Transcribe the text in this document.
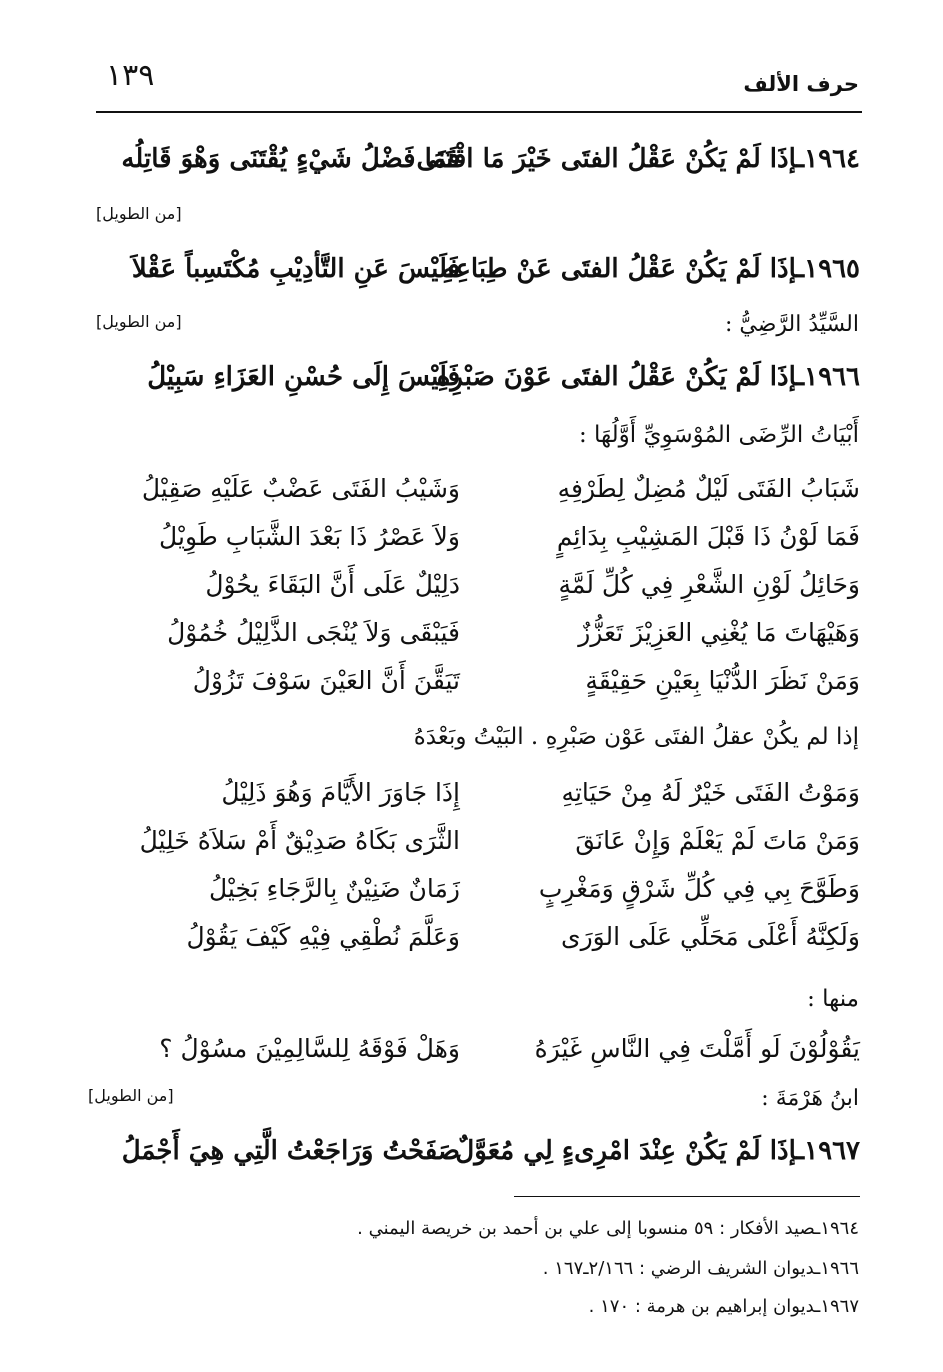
١٣٩	حرف الألف
١٩٦٤ـإذَا لَمْ يَكُنْ عَقْلُ الفتَى خَيْرَ مَا اقْتَنَى
فَمَا فَضْلُ شَيْءٍ يُقْتَنَى وَهْوَ قَاتِلُه
[من الطويل]
١٩٦٥ـإذَا لَمْ يَكُنْ عَقْلُ الفتَى عَنْ طِبَاعِهِ
فَلَيْسَ عَنِ التَّأدِيْبِ مُكْتَسِباً عَقْلاَ
السَّيِّدُ الرَّضِيُّ :
[من الطويل]
١٩٦٦ـإذَا لَمْ يَكُنْ عَقْلُ الفتَى عَوْنَ صَبْرِهِ
فَلَيْسَ إِلَى حُسْنِ العَزَاءِ سَبِيْلُ
أَبْيَاتُ الرِّضَى المُوْسَوِيِّ أَوَّلُهَا :
شَبَابُ الفَتَى لَيْلٌ مُضِلٌ لِطَرْفِهِ
وَشَيْبُ الفَتَى عَضْبٌ عَلَيْهِ صَقِيْلُ
فَمَا لَوْنُ ذَا قَبْلَ المَشِيْبِ بِدَائِمٍ
وَلاَ عَصْرُ ذَا بَعْدَ الشَّبَابِ طَوِيْلُ
وَحَائِلُ لَوْنِ الشَّعْرِ فِي كُلِّ لَمَّةٍ
دَلِيْلٌ عَلَى أَنَّ البَقَاءَ يحُوْلُ
وَهَيْهَاتَ مَا يُغْنِي العَزِيْزَ تَعَزُّزٌ
فَيَبْقَى وَلاَ يُنْجَى الذَّلِيْلُ خُمُوْلُ
وَمَنْ نَظَرَ الدُّنْيَا بِعَيْنِ حَقِيْقَةٍ
تَيَقَّنَ أَنَّ العَيْنَ سَوْفَ تَزُوْلُ
إذا لم يكُنْ عقلُ الفتَى عَوْن صَبْرِهِ . البَيْتُ وبَعْدَهُ
وَمَوْتُ الفَتَى خَيْرٌ لَهُ مِنْ حَيَاتِهِ
إِذَا جَاوَرَ الأَيَّامَ وَهُوَ ذَلِيْلُ
وَمَنْ مَاتَ لَمْ يَعْلَمْ وَإِنْ عَانَقَ
الثَّرَى بَكَاهُ صَدِيْقٌ أَمْ سَلاَهُ خَلِيْلُ
وَطَوَّحَ بِي فِي كُلِّ شَرْقٍ وَمَغْرِبٍ
زَمَانٌ ضَنِيْنٌ بِالرَّجَاءِ بَخِيْلُ
وَلَكِنَّهُ أَعْلَى مَحَلِّي عَلَى الوَرَى
وَعَلَّمَ نُطْقِي فِيْهِ كَيْفَ يَقُوْلُ
منها :
يَقُوْلُوْنَ لَو أَمَّلْتَ فِي النَّاسِ غَيْرَهُ
وَهَلْ فَوْقَهُ لِلسَّالِمِيْنَ مسُوْلُ ؟
ابنُ هَرْمَةَ :
[من الطويل]
١٩٦٧ـإذَا لَمْ يَكُنْ عِنْدَ امْرِىءٍ لِي مُعَوَّلٌ
صَفَحْتُ وَرَاجَعْتُ الَّتِي هِيَ أَجْمَلُ
١٩٦٤ـصيد الأفكار : ٥٩ منسوبا إلى علي بن أحمد بن خريصة اليمني .
١٩٦٦ـديوان الشريف الرضي : ٢/١٦٦ـ١٦٧ .
١٩٦٧ـديوان إبراهيم بن هرمة : ١٧٠ .
